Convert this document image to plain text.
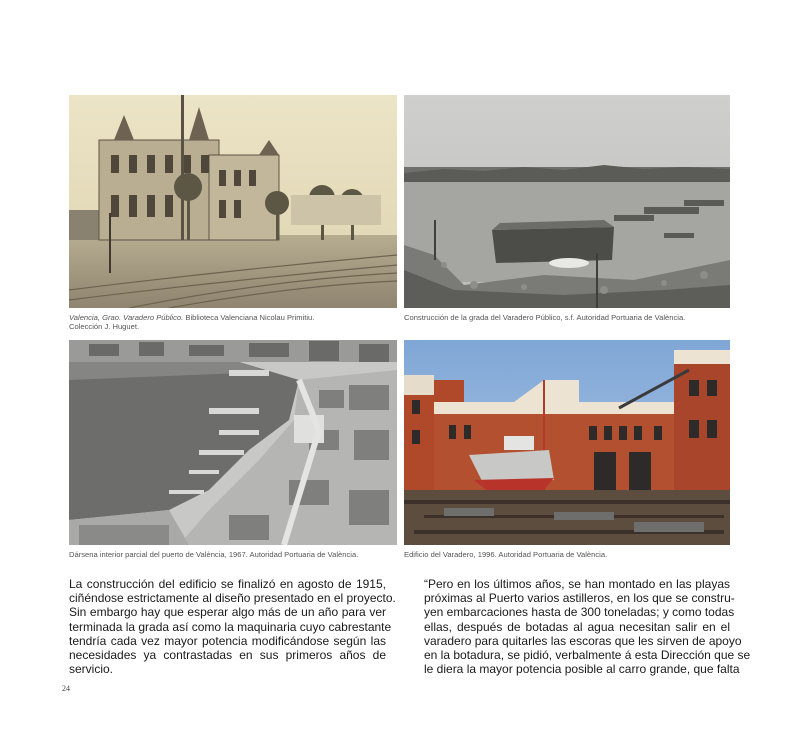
Valencia, Grao. Varadero Público. Biblioteca Valenciana Nicolau Primitiu.
Colección J. Huguet.

Construcción de la grada del Varadero Público, s.f. Autoridad Portuaria de València.

Dársena interior parcial del puerto de València, 1967. Autoridad Portuaria de València.	Edificio del Varadero, 1996. Autoridad Portuaria de València.

La construcción del edificio se finalizó en agosto de 1915,
ciñéndose estrictamente al diseño presentado en el proyecto.
Sin embargo hay que esperar algo más de un año para ver
terminada la grada así como la maquinaria cuyo cabrestante
tendría cada vez mayor potencia modificándose según las
necesidades ya contrastadas en sus primeros años de
servicio.
“Pero en los últimos años, se han montado en las playas
próximas al Puerto varios astilleros, en los que se constru-
yen embarcaciones hasta de 300 toneladas; y como todas
ellas, después de botadas al agua necesitan salir en el
varadero para quitarles las escoras que les sirven de apoyo
en la botadura, se pidió, verbalmente á esta Dirección que se
le diera la mayor potencia posible al carro grande, que falta
24
